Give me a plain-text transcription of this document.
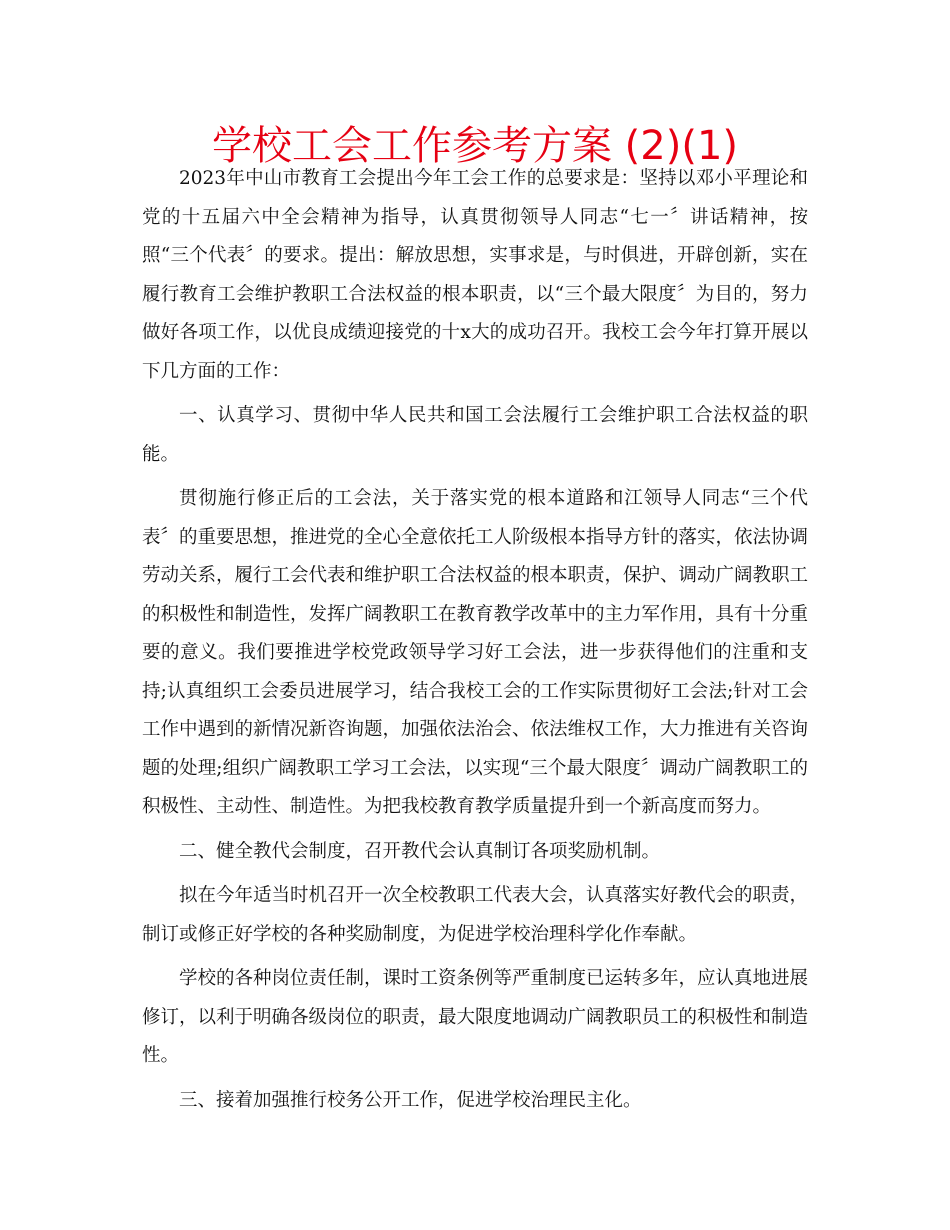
学校工会工作参考方案 (2)(1)

2023年中山市教育工会提出今年工会工作的总要求是：坚持以邓小平理论和党的十五届六中全会精神为指导，认真贯彻领导人同志“七一〞讲话精神，按照“三个代表〞的要求。提出：解放思想，实事求是，与时俱进，开辟创新，实在履行教育工会维护教职工合法权益的根本职责，以“三个最大限度〞为目的，努力做好各项工作，以优良成绩迎接党的十x大的成功召开。我校工会今年打算开展以下几方面的工作：

一、认真学习、贯彻中华人民共和国工会法履行工会维护职工合法权益的职能。

贯彻施行修正后的工会法，关于落实党的根本道路和江领导人同志“三个代表〞的重要思想，推进党的全心全意依托工人阶级根本指导方针的落实，依法协调劳动关系，履行工会代表和维护职工合法权益的根本职责，保护、调动广阔教职工的积极性和制造性，发挥广阔教职工在教育教学改革中的主力军作用，具有十分重要的意义。我们要推进学校党政领导学习好工会法，进一步获得他们的注重和支持;认真组织工会委员进展学习，结合我校工会的工作实际贯彻好工会法;针对工会工作中遇到的新情况新咨询题，加强依法治会、依法维权工作，大力推进有关咨询题的处理;组织广阔教职工学习工会法，以实现“三个最大限度〞调动广阔教职工的积极性、主动性、制造性。为把我校教育教学质量提升到一个新高度而努力。

二、健全教代会制度，召开教代会认真制订各项奖励机制。

拟在今年适当时机召开一次全校教职工代表大会，认真落实好教代会的职责，制订或修正好学校的各种奖励制度，为促进学校治理科学化作奉献。

学校的各种岗位责任制，课时工资条例等严重制度已运转多年，应认真地进展修订，以利于明确各级岗位的职责，最大限度地调动广阔教职员工的积极性和制造性。

三、接着加强推行校务公开工作，促进学校治理民主化。
